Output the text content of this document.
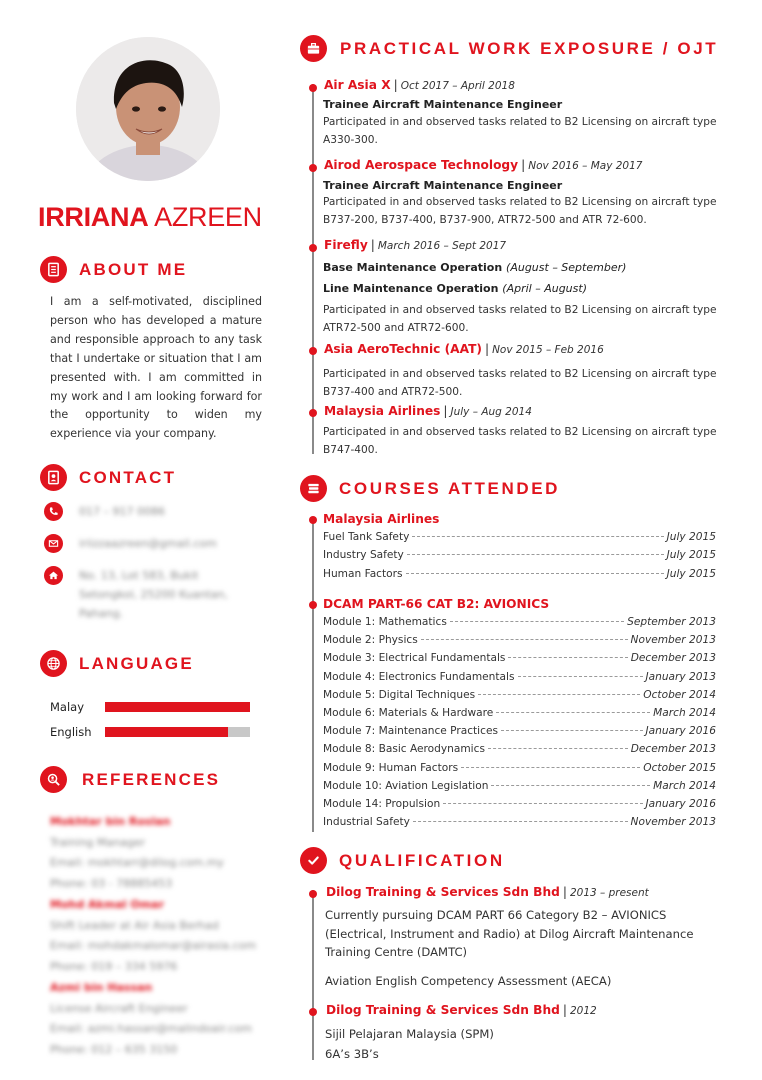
IRRIANA AZREEN
ABOUT ME
I am a self-motivated, disciplined person who has developed a mature and responsible approach to any task that I undertake or situation that I am presented with. I am committed in my work and I am looking forward for the opportunity to widen my experience via your company.
CONTACT
017 – 917 0086
iriizzaazreen@gmail.com
No. 13, Lot 583, Bukit
Setongkol, 25200 Kuantan,
Pahang.
LANGUAGE
Malay
English
REFERENCES
Mokhtar bin Roslan
Training Manager
Email: mokhtarr@dilog.com.my
Phone: 03 - 78885453
Mohd Akmal Omar
Shift Leader at Air Asia Berhad
Email: mohdakmalomar@airasia.com
Phone: 019 – 334 5976
Azmi bin Hassan
License Aircraft Engineer
Email: azmi.hassan@malindoair.com
Phone: 012 – 635 3150
PRACTICAL WORK EXPOSURE / OJT
Air Asia X | Oct 2017 – April 2018
Trainee Aircraft Maintenance Engineer
Participated in and observed tasks related to B2 Licensing on aircraft type A330-300.
Airod Aerospace Technology | Nov 2016 – May 2017
Trainee Aircraft Maintenance Engineer
Participated in and observed tasks related to B2 Licensing on aircraft type B737-200, B737-400, B737-900, ATR72-500 and ATR 72-600.
Firefly | March 2016 – Sept 2017
Base Maintenance Operation (August – September)
Line Maintenance Operation (April – August)
Participated in and observed tasks related to B2 Licensing on aircraft type ATR72-500 and ATR72-600.
Asia AeroTechnic (AAT) | Nov 2015 – Feb 2016
Participated in and observed tasks related to B2 Licensing on aircraft type B737-400 and ATR72-500.
Malaysia Airlines | July – Aug 2014
Participated in and observed tasks related to B2 Licensing on aircraft type B747-400.
COURSES ATTENDED
Malaysia Airlines
Fuel Tank Safety	July 2015
Industry Safety	July 2015
Human Factors	July 2015
DCAM PART-66 CAT B2: AVIONICS
Module 1: Mathematics	September 2013
Module 2: Physics	November 2013
Module 3: Electrical Fundamentals	December 2013
Module 4: Electronics Fundamentals	January 2013
Module 5: Digital Techniques	October 2014
Module 6: Materials & Hardware	March 2014
Module 7: Maintenance Practices	January 2016
Module 8: Basic Aerodynamics	December 2013
Module 9: Human Factors	October 2015
Module 10: Aviation Legislation	March 2014
Module 14: Propulsion	January 2016
Industrial Safety	November 2013
QUALIFICATION
Dilog Training & Services Sdn Bhd | 2013 – present
Currently pursuing DCAM PART 66 Category B2 – AVIONICS (Electrical, Instrument and Radio) at Dilog Aircraft Maintenance Training Centre (DAMTC)
Aviation English Competency Assessment (AECA)
Dilog Training & Services Sdn Bhd | 2012
Sijil Pelajaran Malaysia (SPM)
6A’s 3B’s
